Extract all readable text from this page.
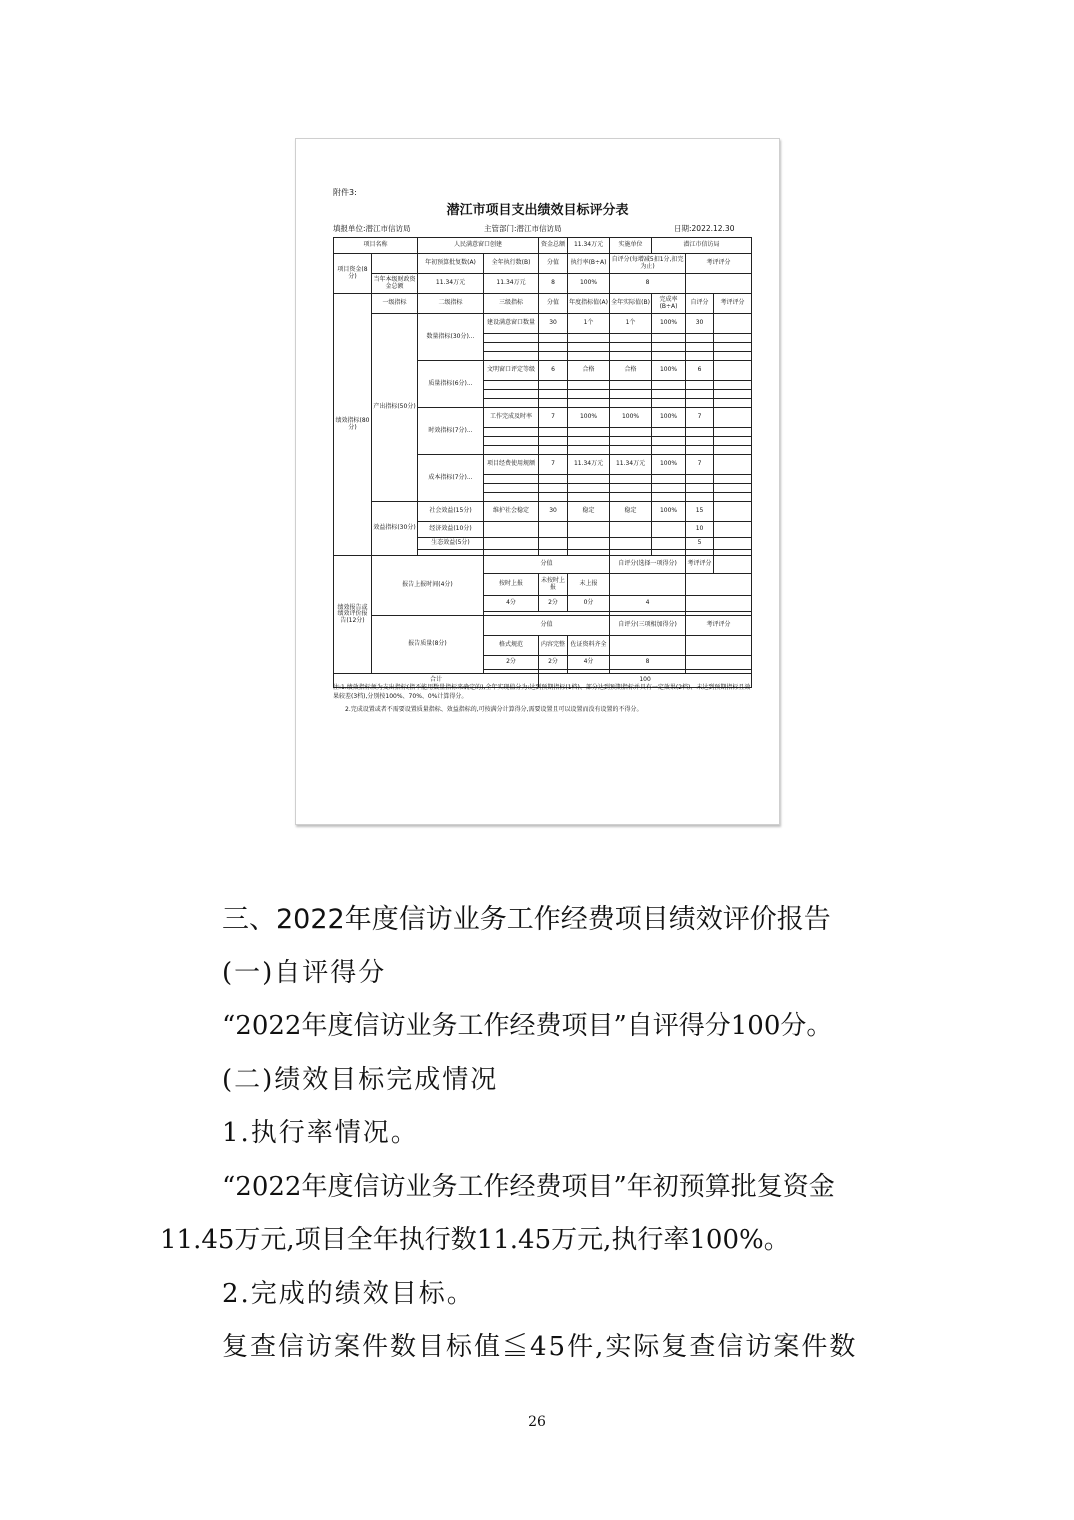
附件3:
潜江市项目支出绩效目标评分表
填报单位:潜江市信访局	主管部门:潜江市信访局	日期:2022.12.30
项目名称		人民满意窗口创建		资金总额	11.34万元	实施单位	潜江市信访局		
项目资金(8分)		年初预算批复数(A)	全年执行数(B)	分值	执行率(B÷A)	自评分(每增减5扣1分,扣完为止)		考评评分	
	当年本级财政资金总额	11.34万元	11.34万元	8	100%	8			
绩效指标(80分)	一级指标	二级指标	三级指标	分值	年度指标值(A)	全年实际值(B)	完成率(B÷A)	自评分	考评评分
	产出指标(50分)	数量指标(30分)...	建设满意窗口数量	30	1个	1个	100%	30	

		质量指标(6分)...	文明窗口评定等级	6	合格	合格	100%	6	

		时效指标(7分)...	工作完成及时率	7	100%	100%	100%	7	

		成本指标(7分)...	项目经费使用规额	7	11.34万元	11.34万元	100%	7	

	效益指标(30分)	社会效益(15分)	维护社会稳定	30	稳定	稳定	100%	15	
		经济效益(10分)						10	
		生态效益(5分)						5	

绩效报告或绩效评价报告(12分)	报告上报时间(4分)		分值			自评分(选择一项得分)		考评评分	
			按时上报	未按时上报	未上报				
			4分	2分	0分	4			

	报告质量(8分)		分值			自评分(三项相加得分)		考评评分	
			格式规范	内容完整	佐证资料齐全				
			2分	2分	4分	8			

合计				100					

注:1.绩效指标须为支出指标(指不能用数量指标来确定的),全年实现值分为:达到预期指标(1档)、部分达到预期指标并具有一定效果(2档)、未达到预期指标且效果较差(3档),分别按100%、70%、0%计算得分。

2.完成设置或者不需要设置质量指标、效益指标的,可按满分计算得分,需要设置且可以设置而没有设置的不得分。

三、2022年度信访业务工作经费项目绩效评价报告

(一)自评得分

“2022年度信访业务工作经费项目”自评得分100分。

(二)绩效目标完成情况

1.执行率情况。

“2022年度信访业务工作经费项目”年初预算批复资金

11.45万元,项目全年执行数11.45万元,执行率100%。

2.完成的绩效目标。

复查信访案件数目标值≦45件,实际复查信访案件数

26
